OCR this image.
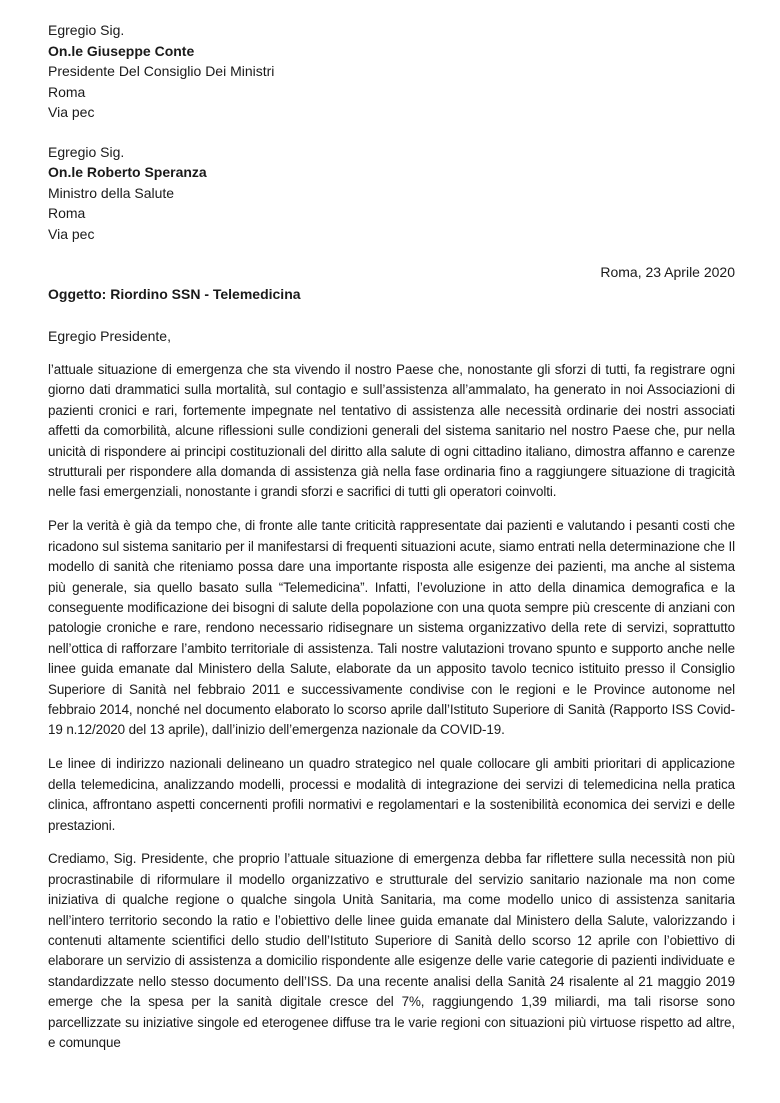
Egregio Sig.
On.le Giuseppe Conte
Presidente Del Consiglio Dei Ministri
Roma
Via pec
Egregio Sig.
On.le Roberto Speranza
Ministro della Salute
Roma
Via pec
Roma, 23 Aprile 2020
Oggetto: Riordino SSN - Telemedicina
Egregio Presidente,

l’attuale situazione di emergenza che sta vivendo il nostro Paese che, nonostante gli sforzi di tutti, fa registrare ogni giorno dati drammatici sulla mortalità, sul contagio e sull’assistenza all’ammalato, ha generato in noi Associazioni di pazienti cronici e rari, fortemente impegnate nel tentativo di assistenza alle necessità ordinarie dei nostri associati affetti da comorbilità, alcune riflessioni sulle condizioni generali del sistema sanitario nel nostro Paese che, pur nella unicità di rispondere ai principi costituzionali del diritto alla salute di ogni cittadino italiano, dimostra affanno e carenze strutturali per rispondere alla domanda di assistenza già nella fase ordinaria fino a raggiungere situazione di tragicità nelle fasi emergenziali, nonostante i grandi sforzi e sacrifici di tutti gli operatori coinvolti.

Per la verità è già da tempo che, di fronte alle tante criticità rappresentate dai pazienti e valutando i pesanti costi che ricadono sul sistema sanitario per il manifestarsi di frequenti situazioni acute, siamo entrati nella determinazione che Il modello di sanità che riteniamo possa dare una importante risposta alle esigenze dei pazienti, ma anche al sistema più generale, sia quello basato sulla “Telemedicina”. Infatti, l’evoluzione in atto della dinamica demografica e la conseguente modificazione dei bisogni di salute della popolazione con una quota sempre più crescente di anziani con patologie croniche e rare, rendono necessario ridisegnare un sistema organizzativo della rete di servizi, soprattutto nell’ottica di rafforzare l’ambito territoriale di assistenza. Tali nostre valutazioni trovano spunto e supporto anche nelle linee guida emanate dal Ministero della Salute, elaborate da un apposito tavolo tecnico istituito presso il Consiglio Superiore di Sanità nel febbraio 2011 e successivamente condivise con le regioni e le Province autonome nel febbraio 2014, nonché nel documento elaborato lo scorso aprile dall’Istituto Superiore di Sanità (Rapporto ISS Covid-19 n.12/2020 del 13 aprile), dall’inizio dell’emergenza nazionale da COVID-19.

Le linee di indirizzo nazionali delineano un quadro strategico nel quale collocare gli ambiti prioritari di applicazione della telemedicina, analizzando modelli, processi e modalità di integrazione dei servizi di telemedicina nella pratica clinica, affrontano aspetti concernenti profili normativi e regolamentari e la sostenibilità economica dei servizi e delle prestazioni.

Crediamo, Sig. Presidente, che proprio l’attuale situazione di emergenza debba far riflettere sulla necessità non più procrastinabile di riformulare il modello organizzativo e strutturale del servizio sanitario nazionale ma non come iniziativa di qualche regione o qualche singola Unità Sanitaria, ma come modello unico di assistenza sanitaria nell’intero territorio secondo la ratio e l’obiettivo delle linee guida emanate dal Ministero della Salute, valorizzando i contenuti altamente scientifici dello studio dell’Istituto Superiore di Sanità dello scorso 12 aprile con l’obiettivo di elaborare un servizio di assistenza a domicilio rispondente alle esigenze delle varie categorie di pazienti individuate e standardizzate nello stesso documento dell’ISS. Da una recente analisi della Sanità 24 risalente al 21 maggio 2019 emerge che la spesa per la sanità digitale cresce del 7%, raggiungendo 1,39 miliardi, ma tali risorse sono parcellizzate su iniziative singole ed eterogenee diffuse tra le varie regioni con situazioni più virtuose rispetto ad altre, e comunque
